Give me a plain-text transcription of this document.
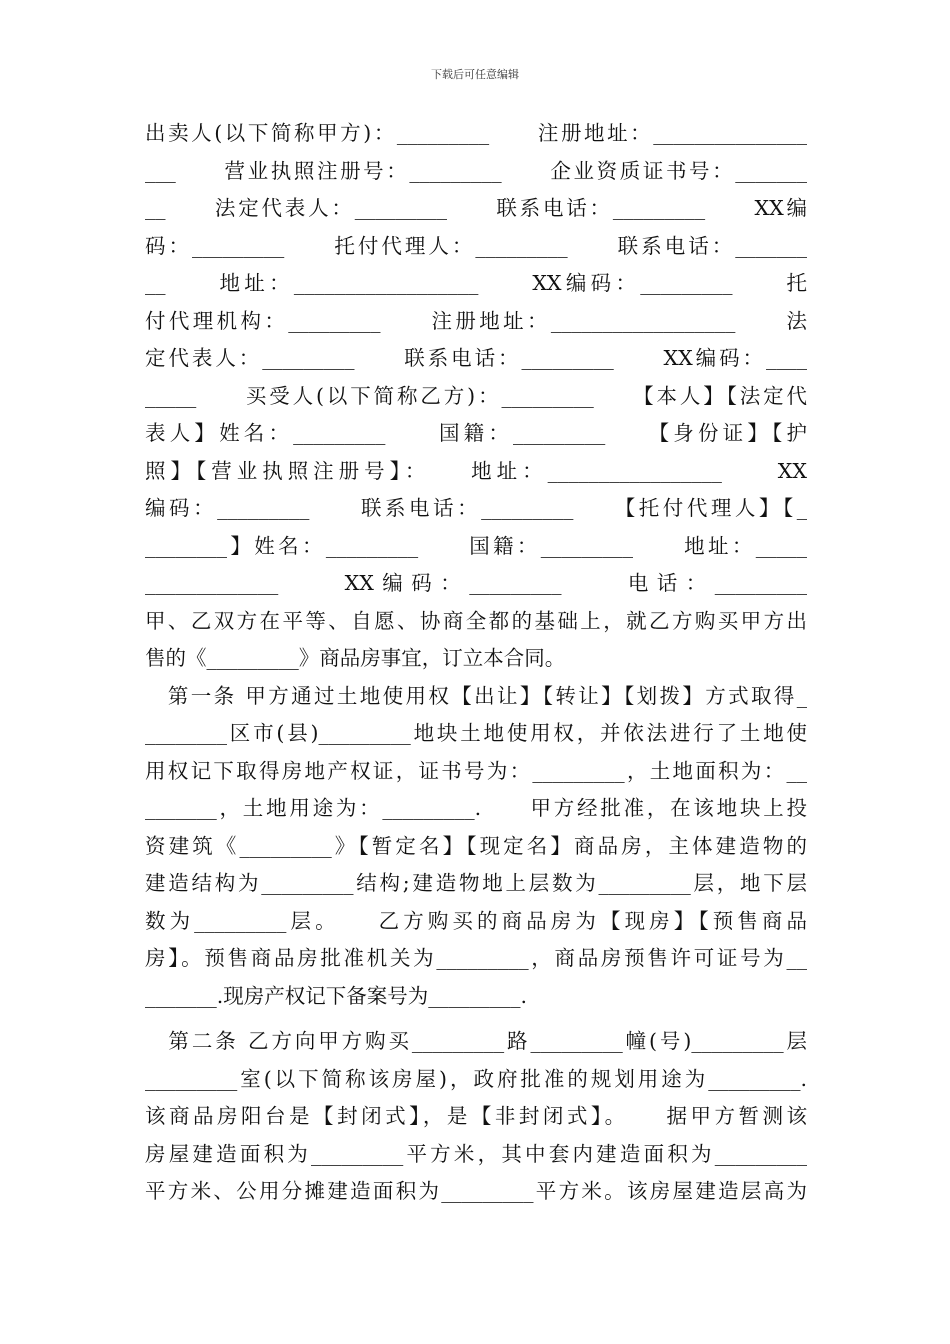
下载后可任意编辑
出卖人(以下简称甲方)：_________　　注册地址：_______________
___　　营业执照注册号：_________　　企业资质证书号：_______
__　　法定代表人：_________　　联系电话：_________　　XX编
码：_________　　托付代理人：_________　　联系电话：_______
__　　地址：__________________　　XX编码：_________　　托
付代理机构：_________　　注册地址：__________________　　法
定代表人：_________　　联系电话：_________　　XX编码：____
_____　　买受人(以下简称乙方)：_________　　【本人】【法定代
表人】姓名：_________　　国籍：_________　　【身份证】【护
照】【营业执照注册号】：　　地址：_________________　　XX
编码：_________　　联系电话：_________　　【托付代理人】【_
________】姓名：_________　　国籍：_________　　地址：_____
_____________　　XX编码：_________　　电话：_________
甲、乙双方在平等、自愿、协商全都的基础上，就乙方购买甲方出
售的《_________》商品房事宜，订立本合同。
　第一条 甲方通过土地使用权【出让】【转让】【划拨】方式取得_
________区市(县)_________地块土地使用权，并依法进行了土地使
用权记下取得房地产权证，证书号为：_________，土地面积为：__
_______，土地用途为：_________.　　甲方经批准，在该地块上投
资建筑《_________》【暂定名】【现定名】商品房，主体建造物的
建造结构为_________结构;建造物地上层数为_________层，地下层
数为_________层。　　乙方购买的商品房为【现房】【预售商品
房】。预售商品房批准机关为_________，商品房预售许可证号为__
_______.现房产权记下备案号为_________.
　第二条 乙方向甲方购买_________路_________幢(号)_________层
_________室(以下简称该房屋)，政府批准的规划用途为_________.
该商品房阳台是【封闭式】，是【非封闭式】。　　据甲方暂测该
房屋建造面积为_________平方米，其中套内建造面积为_________
平方米、公用分摊建造面积为_________平方米。该房屋建造层高为
